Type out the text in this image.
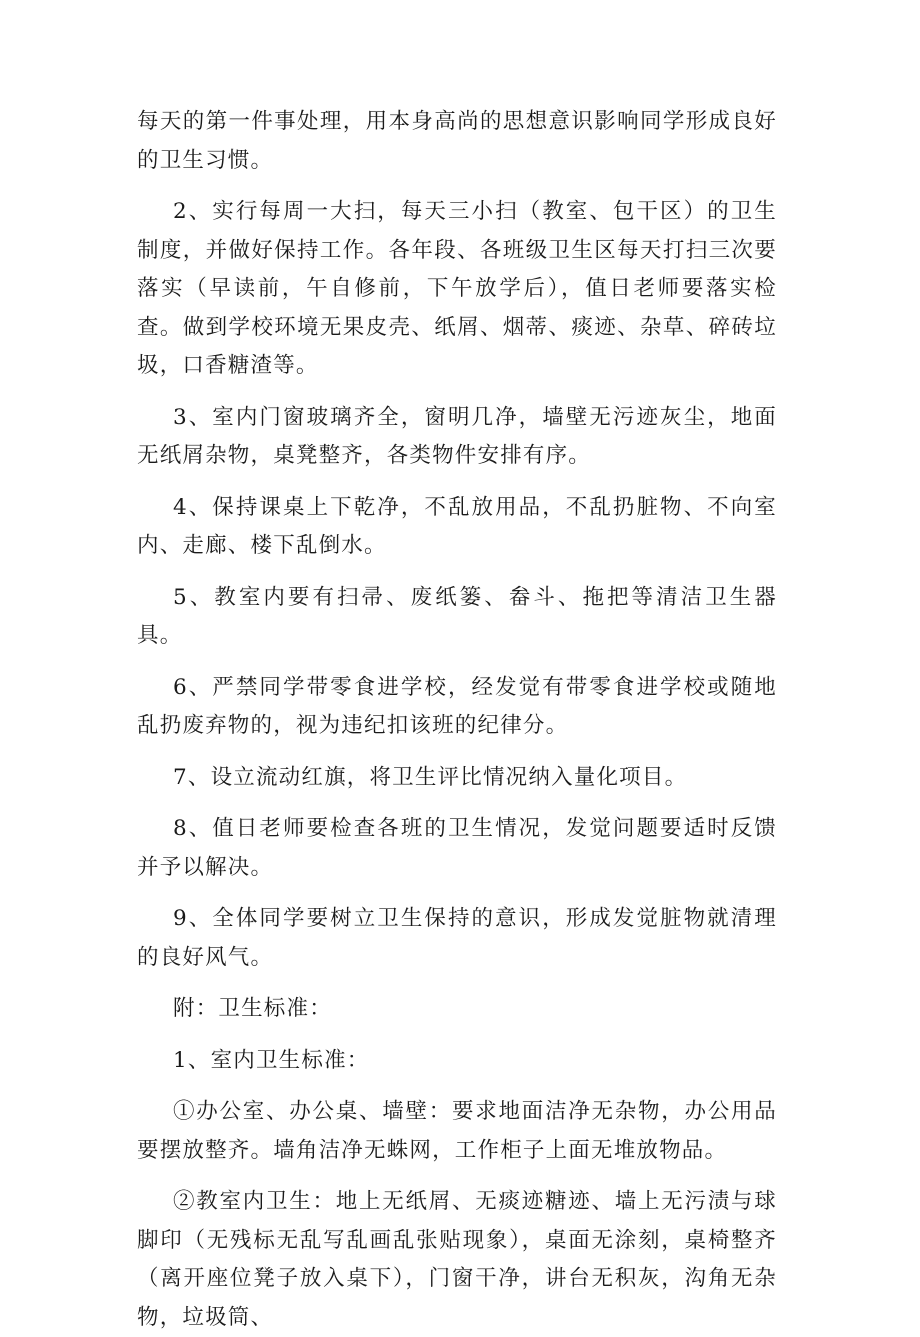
每天的第一件事处理，用本身高尚的思想意识影响同学形成良好的卫生习惯。

2、实行每周一大扫，每天三小扫（教室、包干区）的卫生制度，并做好保持工作。各年段、各班级卫生区每天打扫三次要落实（早读前，午自修前，下午放学后），值日老师要落实检查。做到学校环境无果皮壳、纸屑、烟蒂、痰迹、杂草、碎砖垃圾，口香糖渣等。

3、室内门窗玻璃齐全，窗明几净，墙壁无污迹灰尘，地面无纸屑杂物，桌凳整齐，各类物件安排有序。

4、保持课桌上下乾净，不乱放用品，不乱扔脏物、不向室内、走廊、楼下乱倒水。

5、教室内要有扫帚、废纸篓、畚斗、拖把等清洁卫生器具。

6、严禁同学带零食进学校，经发觉有带零食进学校或随地乱扔废弃物的，视为违纪扣该班的纪律分。

7、设立流动红旗，将卫生评比情况纳入量化项目。

8、值日老师要检查各班的卫生情况，发觉问题要适时反馈并予以解决。

9、全体同学要树立卫生保持的意识，形成发觉脏物就清理的良好风气。

附：卫生标准：

1、室内卫生标准：

①办公室、办公桌、墙壁：要求地面洁净无杂物，办公用品要摆放整齐。墙角洁净无蛛网，工作柜子上面无堆放物品。

②教室内卫生：地上无纸屑、无痰迹糖迹、墙上无污渍与球脚印（无残标无乱写乱画乱张贴现象），桌面无涂刻，桌椅整齐（离开座位凳子放入桌下），门窗干净，讲台无积灰，沟角无杂物，垃圾筒、
